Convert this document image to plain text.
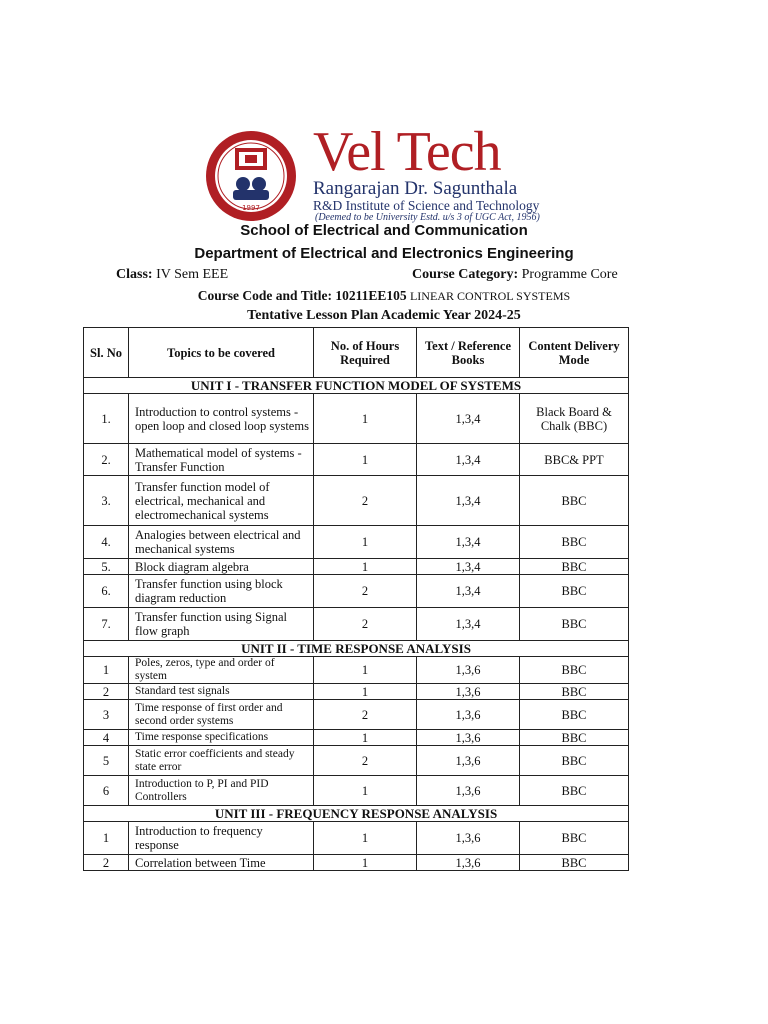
1997
Vel Tech
Rangarajan Dr. Sagunthala
R&D Institute of Science and Technology
(Deemed to be University Estd. u/s 3 of UGC Act, 1956)
School of Electrical and Communication
Department of Electrical and Electronics Engineering
Class: IV Sem EEE	Course Category: Programme Core
Course Code and Title: 10211EE105 LINEAR CONTROL SYSTEMS
Tentative Lesson Plan Academic Year 2024-25
Sl. No	Topics to be covered	No. of Hours Required	Text / Reference Books	Content Delivery Mode
UNIT I - TRANSFER FUNCTION MODEL OF SYSTEMS				
1.	Introduction to control systems - open loop and closed loop systems	1	1,3,4	Black Board & Chalk (BBC)
2.	Mathematical model of systems - Transfer Function	1	1,3,4	BBC& PPT
3.	Transfer function model of electrical, mechanical and electromechanical systems	2	1,3,4	BBC
4.	Analogies between electrical and mechanical systems	1	1,3,4	BBC
5.	Block diagram algebra	1	1,3,4	BBC
6.	Transfer function using block diagram reduction	2	1,3,4	BBC
7.	Transfer function using Signal flow graph	2	1,3,4	BBC
UNIT II - TIME RESPONSE ANALYSIS				
1	Poles, zeros, type and order of system	1	1,3,6	BBC
2	Standard test signals	1	1,3,6	BBC
3	Time response of first order and second order systems	2	1,3,6	BBC
4	Time response specifications	1	1,3,6	BBC
5	Static error coefficients and steady state error	2	1,3,6	BBC
6	Introduction to P, PI and PID Controllers	1	1,3,6	BBC
UNIT III - FREQUENCY RESPONSE ANALYSIS				
1	Introduction to frequency response	1	1,3,6	BBC
2	Correlation between Time	1	1,3,6	BBC
